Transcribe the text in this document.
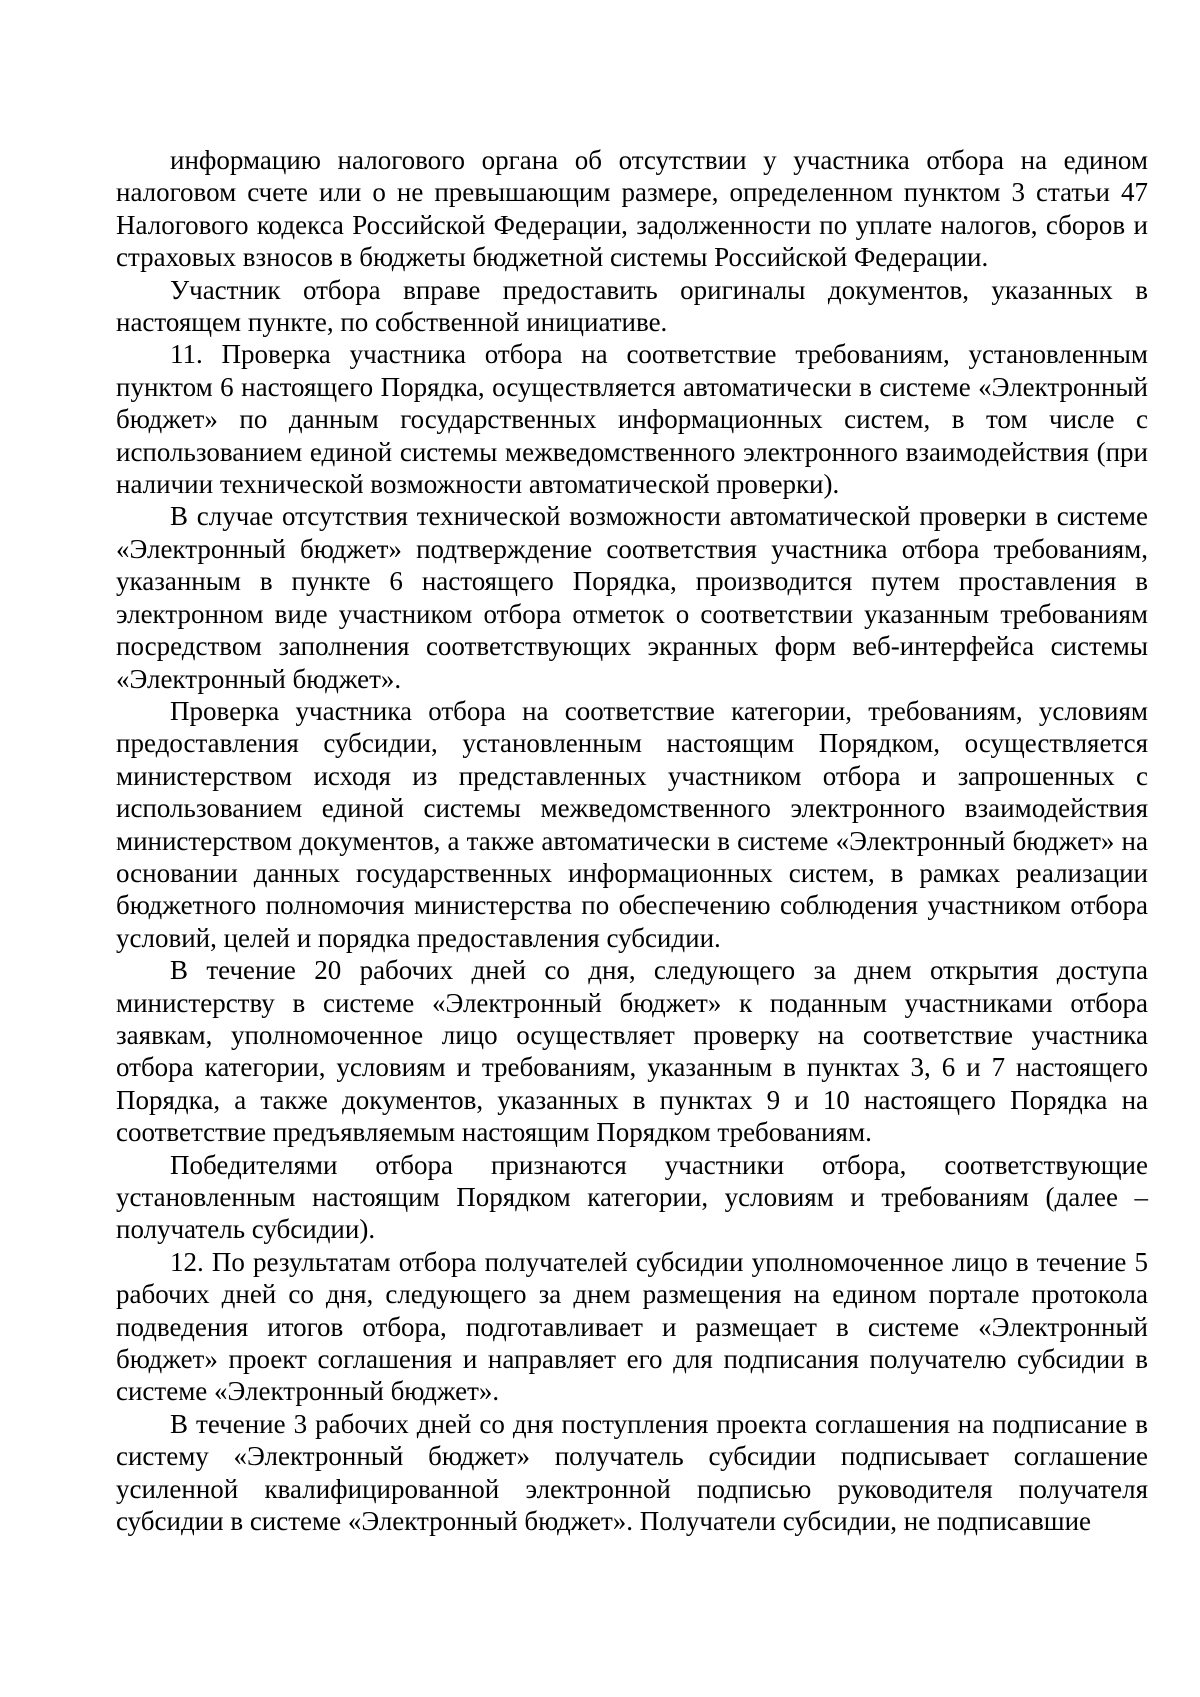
информацию налогового органа об отсутствии у участника отбора на едином налоговом счете или о не превышающим размере, определенном пунктом 3 статьи 47 Налогового кодекса Российской Федерации, задолженности по уплате налогов, сборов и страховых взносов в бюджеты бюджетной системы Российской Федерации.

Участник отбора вправе предоставить оригиналы документов, указанных в настоящем пункте, по собственной инициативе.

11. Проверка участника отбора на соответствие требованиям, установленным пунктом 6 настоящего Порядка, осуществляется автоматически в системе «Электронный бюджет» по данным государственных информационных систем, в том числе с использованием единой системы межведомственного электронного взаимодействия (при наличии технической возможности автоматической проверки).

В случае отсутствия технической возможности автоматической проверки в системе «Электронный бюджет» подтверждение соответствия участника отбора требованиям, указанным в пункте 6 настоящего Порядка, производится путем проставления в электронном виде участником отбора отметок о соответствии указанным требованиям посредством заполнения соответствующих экранных форм веб-интерфейса системы «Электронный бюджет».

Проверка участника отбора на соответствие категории, требованиям, условиям предоставления субсидии, установленным настоящим Порядком, осуществляется министерством исходя из представленных участником отбора и запрошенных с использованием единой системы межведомственного электронного взаимодействия министерством документов, а также автоматически в системе «Электронный бюджет» на основании данных государственных информационных систем, в рамках реализации бюджетного полномочия министерства по обеспечению соблюдения участником отбора условий, целей и порядка предоставления субсидии.

В течение 20 рабочих дней со дня, следующего за днем открытия доступа министерству в системе «Электронный бюджет» к поданным участниками отбора заявкам, уполномоченное лицо осуществляет проверку на соответствие участника отбора категории, условиям и требованиям, указанным в пунктах 3, 6 и 7 настоящего Порядка, а также документов, указанных в пунктах 9 и 10 настоящего Порядка на соответствие предъявляемым настоящим Порядком требованиям.

Победителями отбора признаются участники отбора, соответствующие установленным настоящим Порядком категории, условиям и требованиям (далее – получатель субсидии).

12. По результатам отбора получателей субсидии уполномоченное лицо в течение 5 рабочих дней со дня, следующего за днем размещения на едином портале протокола подведения итогов отбора, подготавливает и размещает в системе «Электронный бюджет» проект соглашения и направляет его для подписания получателю субсидии в системе «Электронный бюджет».

В течение 3 рабочих дней со дня поступления проекта соглашения на подписание в систему «Электронный бюджет» получатель субсидии подписывает соглашение усиленной квалифицированной электронной подписью руководителя получателя субсидии в системе «Электронный бюджет». Получатели субсидии, не подписавшие
